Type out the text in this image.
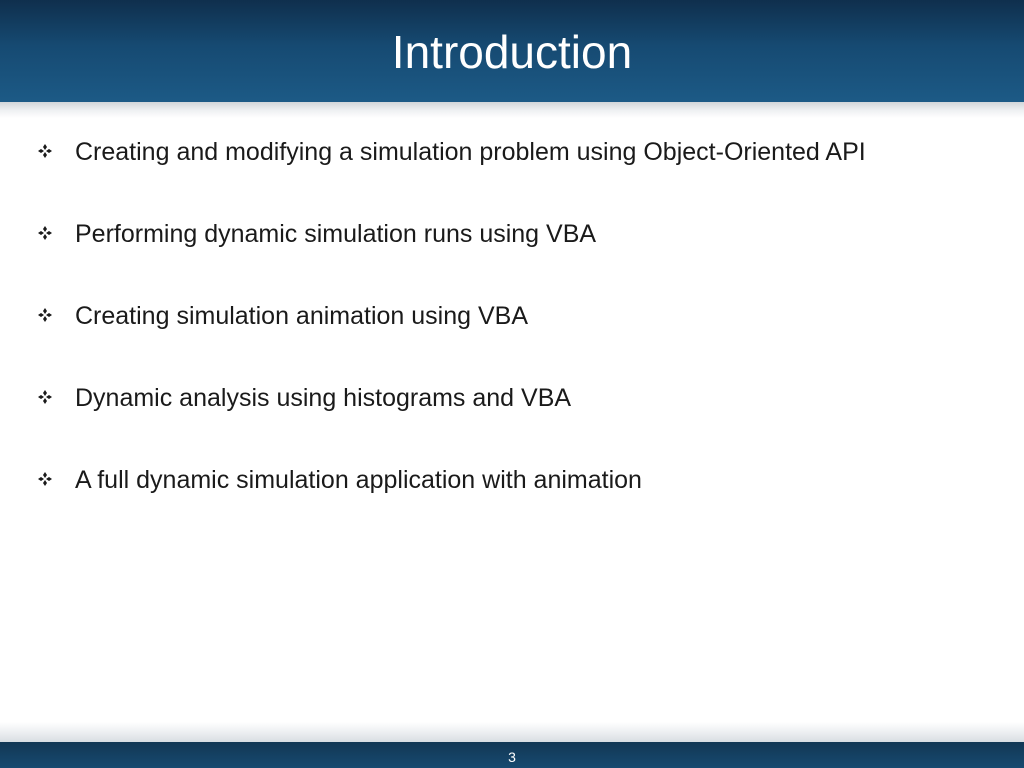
Introduction
Creating and modifying a simulation problem using Object-Oriented API
Performing dynamic simulation runs using VBA
Creating simulation animation using VBA
Dynamic analysis using histograms and VBA
A full dynamic simulation application with animation
3
